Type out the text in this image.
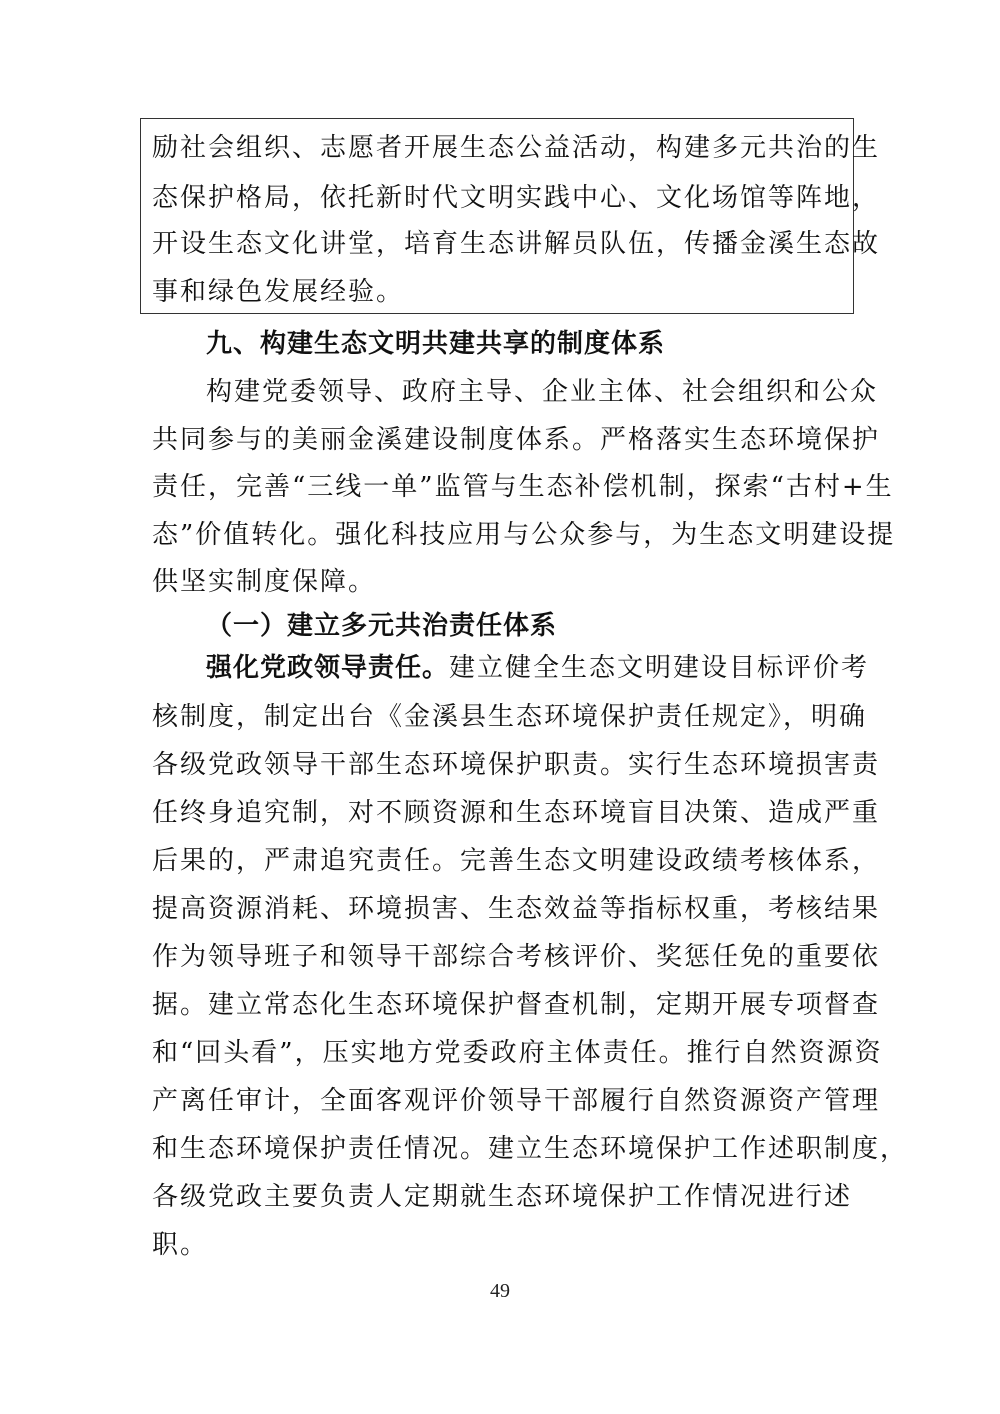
励社会组织、志愿者开展生态公益活动，构建多元共治的生

态保护格局，依托新时代文明实践中心、文化场馆等阵地，

开设生态文化讲堂，培育生态讲解员队伍，传播金溪生态故

事和绿色发展经验。

九、构建生态文明共建共享的制度体系

构建党委领导、政府主导、企业主体、社会组织和公众

共同参与的美丽金溪建设制度体系。严格落实生态环境保护

责任，完善“三线一单”监管与生态补偿机制，探索“古村+生

态”价值转化。强化科技应用与公众参与，为生态文明建设提

供坚实制度保障。

（一）建立多元共治责任体系

强化党政领导责任。建立健全生态文明建设目标评价考

核制度，制定出台《金溪县生态环境保护责任规定》，明确

各级党政领导干部生态环境保护职责。实行生态环境损害责

任终身追究制，对不顾资源和生态环境盲目决策、造成严重

后果的，严肃追究责任。完善生态文明建设政绩考核体系，

提高资源消耗、环境损害、生态效益等指标权重，考核结果

作为领导班子和领导干部综合考核评价、奖惩任免的重要依

据。建立常态化生态环境保护督查机制，定期开展专项督查

和“回头看”，压实地方党委政府主体责任。推行自然资源资

产离任审计，全面客观评价领导干部履行自然资源资产管理

和生态环境保护责任情况。建立生态环境保护工作述职制度，

各级党政主要负责人定期就生态环境保护工作情况进行述

职。

49
